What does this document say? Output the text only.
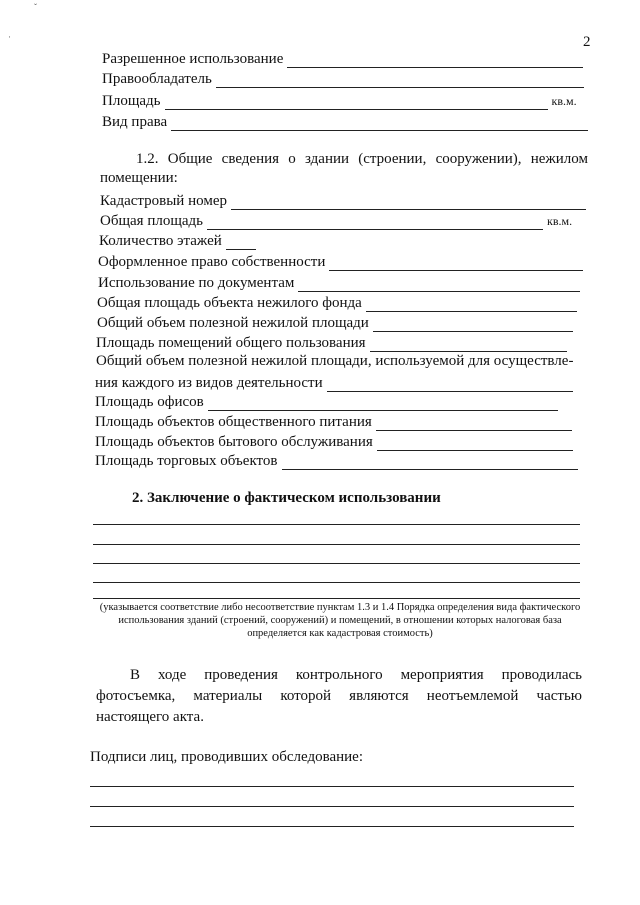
ˇ
·	2
Разрешенное использование
Правообладатель
Площадь	кв.м.
Вид права
1.2. Общие сведения о здании (строении, сооружении), нежилом помещении:
Кадастровый номер
Общая площадь	кв.м.
Количество этажей
Оформленное право собственности
Использование по документам
Общая площадь объекта нежилого фонда
Общий объем полезной нежилой площади
Площадь помещений общего пользования
Общий объем полезной нежилой площади, используемой для осуществле-
ния каждого из видов деятельности
Площадь офисов
Площадь объектов общественного питания
Площадь объектов бытового обслуживания
Площадь торговых объектов
2. Заключение о фактическом использовании
(указывается соответствие либо несоответствие пунктам 1.3 и 1.4 Порядка определения вида фактического использования зданий (строений, сооружений) и помещений, в отношении которых налоговая база определяется как кадастровая стоимость)
В ходе проведения контрольного мероприятия проводилась фотосъемка, материалы которой являются неотъемлемой частью настоящего акта.
Подписи лиц, проводивших обследование:
